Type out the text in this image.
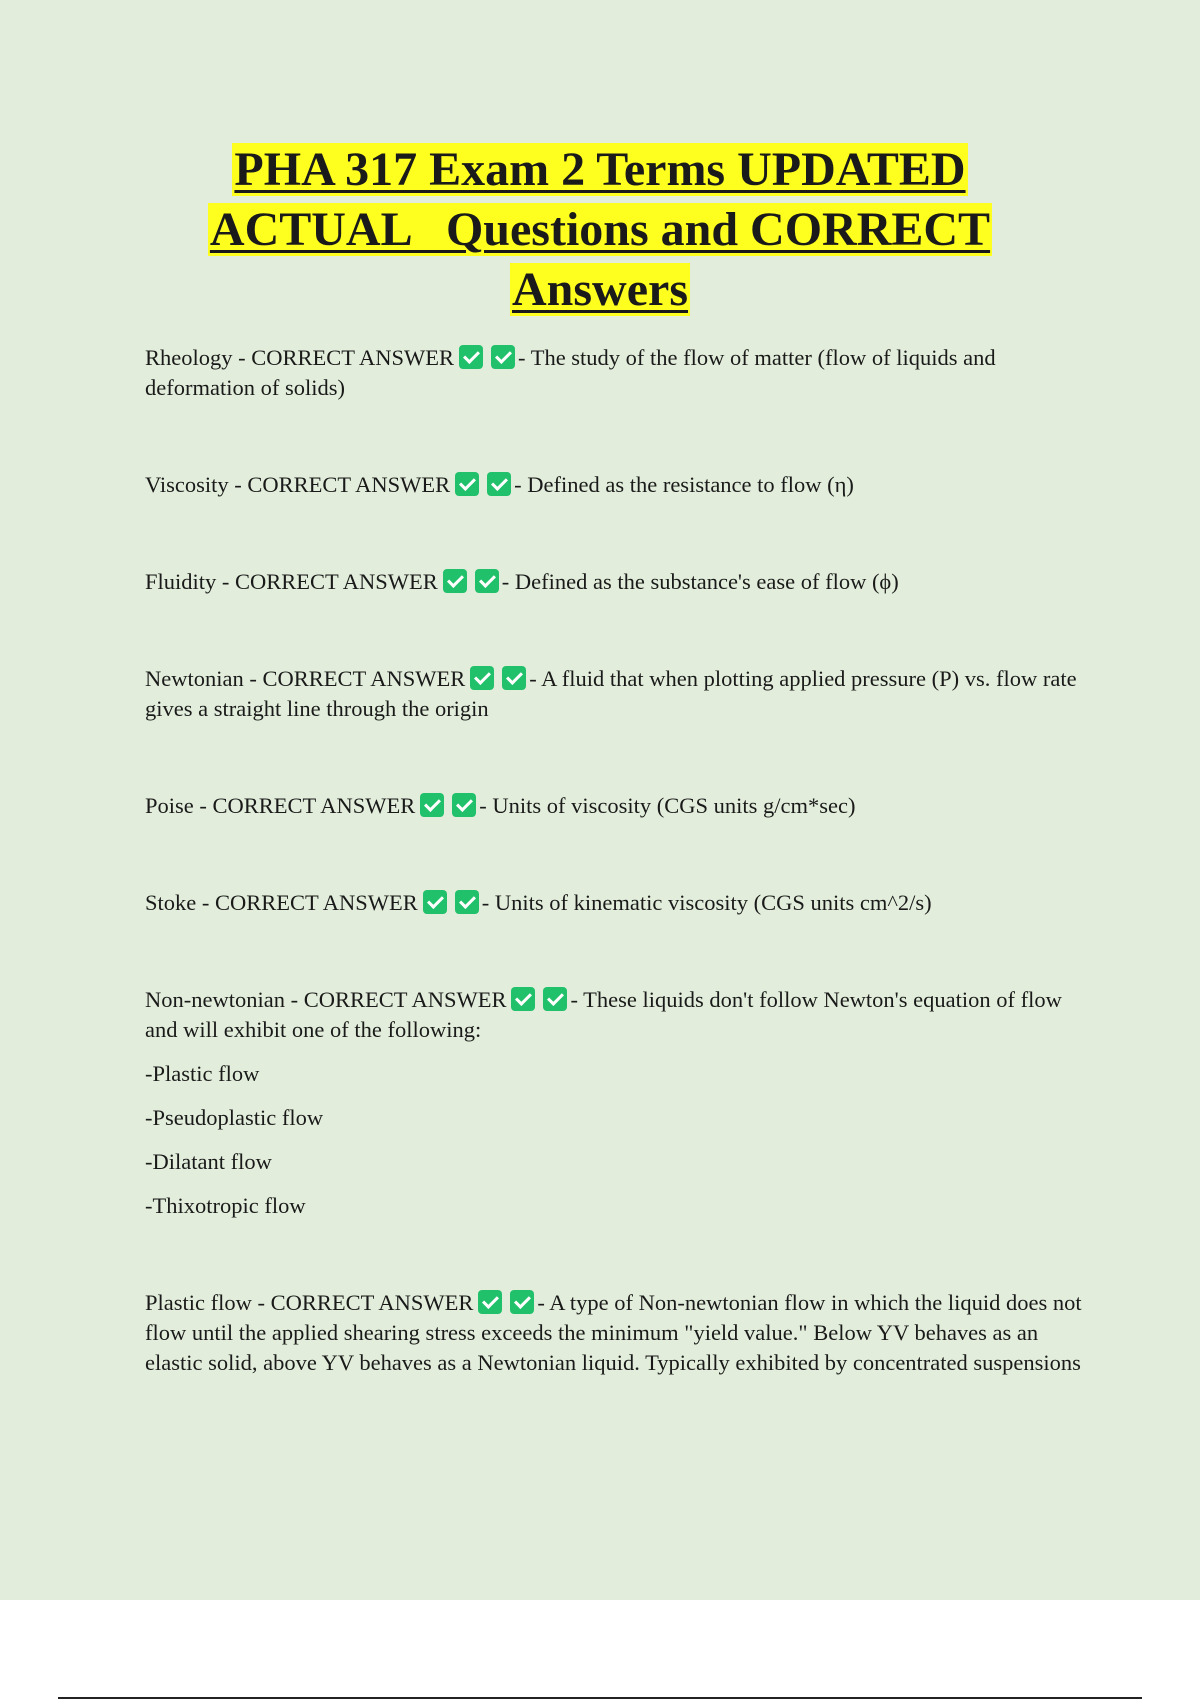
PHA 317 Exam 2 Terms UPDATED
ACTUAL   Questions and CORRECT
Answers

Rheology - CORRECT ANSWER	- The study of the flow of matter (flow of liquids and deformation of solids)

Viscosity - CORRECT ANSWER	- Defined as the resistance to flow (η)

Fluidity - CORRECT ANSWER	- Defined as the substance's ease of flow (ϕ)

Newtonian - CORRECT ANSWER	- A fluid that when plotting applied pressure (P) vs. flow rate gives a straight line through the origin

Poise - CORRECT ANSWER	- Units of viscosity (CGS units g/cm*sec)

Stoke - CORRECT ANSWER	- Units of kinematic viscosity (CGS units cm^2/s)

Non-newtonian - CORRECT ANSWER	- These liquids don't follow Newton's equation of flow and will exhibit one of the following:

-Plastic flow

-Pseudoplastic flow

-Dilatant flow

-Thixotropic flow

Plastic flow - CORRECT ANSWER	- A type of Non-newtonian flow in which the liquid does not flow until the applied shearing stress exceeds the minimum "yield value." Below YV behaves as an elastic solid, above YV behaves as a Newtonian liquid. Typically exhibited by concentrated suspensions
